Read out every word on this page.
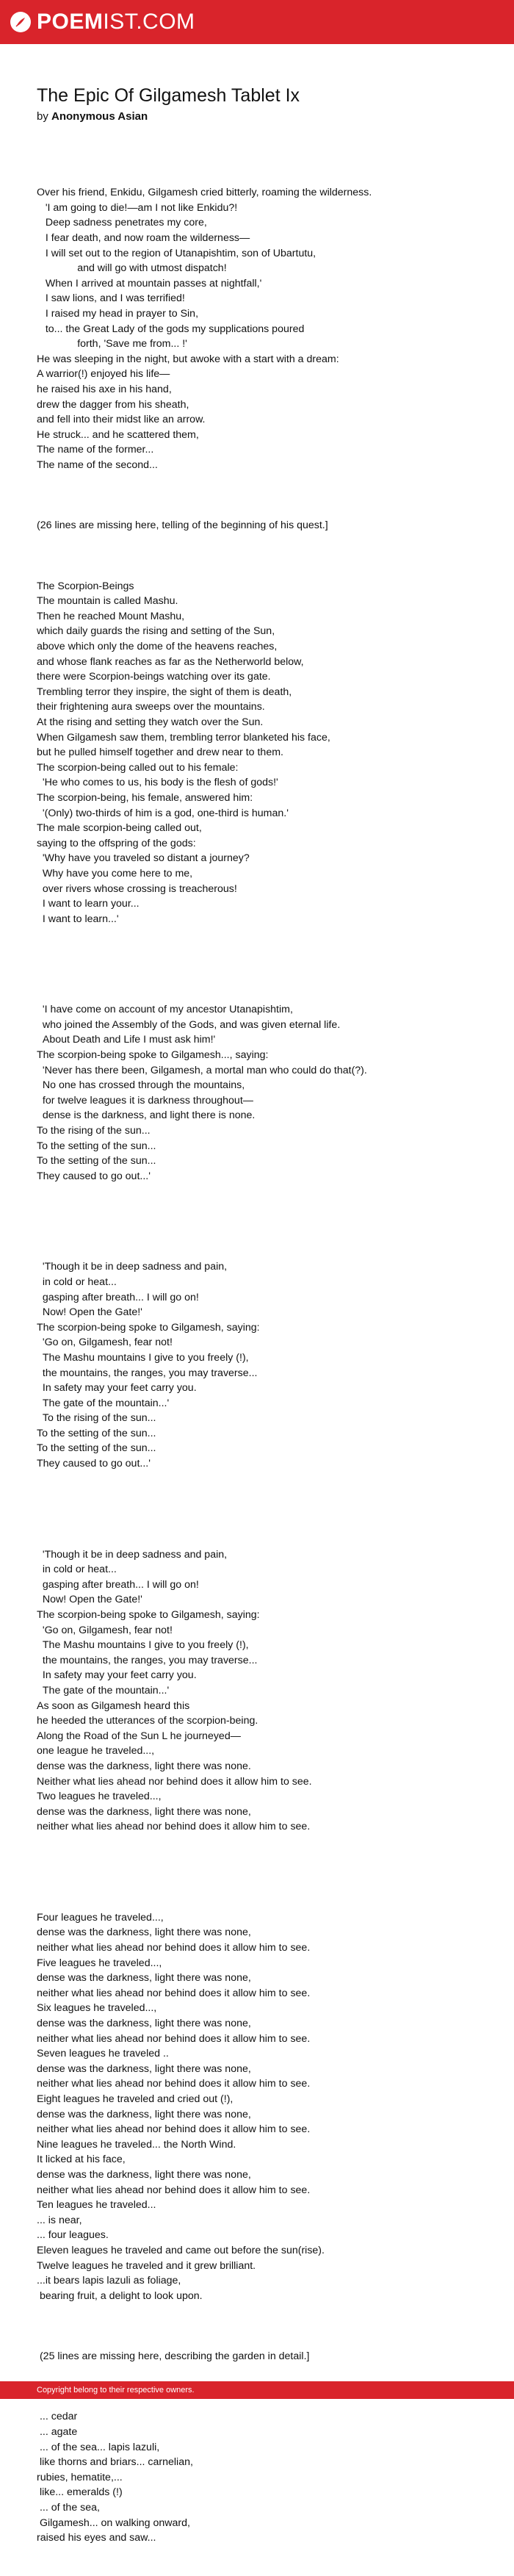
POEMIST.COM
The Epic Of Gilgamesh Tablet Ix
by Anonymous Asian

Over his friend, Enkidu, Gilgamesh cried bitterly, roaming the wilderness.
'I am going to die!—am I not like Enkidu?!
Deep sadness penetrates my core,
I fear death, and now roam the wilderness—
I will set out to the region of Utanapishtim, son of Ubartutu,
and will go with utmost dispatch!
When I arrived at mountain passes at nightfall,'
I saw lions, and I was terrified!
I raised my head in prayer to Sin,
to... the Great Lady of the gods my supplications poured
forth, 'Save me from... !'
He was sleeping in the night, but awoke with a start with a dream:
A warrior(!) enjoyed his life—
he raised his axe in his hand,
drew the dagger from his sheath,
and fell into their midst like an arrow.
He struck... and he scattered them,
The name of the former...
The name of the second...

(26 lines are missing here, telling of the beginning of his quest.]

The Scorpion-Beings
The mountain is called Mashu.
Then he reached Mount Mashu,
which daily guards the rising and setting of the Sun,
above which only the dome of the heavens reaches,
and whose flank reaches as far as the Netherworld below,
there were Scorpion-beings watching over its gate.
Trembling terror they inspire, the sight of them is death,
their frightening aura sweeps over the mountains.
At the rising and setting they watch over the Sun.
When Gilgamesh saw them, trembling terror blanketed his face,
but he pulled himself together and drew near to them.
The scorpion-being called out to his female:
'He who comes to us, his body is the flesh of gods!'
The scorpion-being, his female, answered him:
'(Only) two-thirds of him is a god, one-third is human.'
The male scorpion-being called out,
saying to the offspring of the gods:
'Why have you traveled so distant a journey?
Why have you come here to me,
over rivers whose crossing is treacherous!
I want to learn your...
I want to learn...'

'I have come on account of my ancestor Utanapishtim,
who joined the Assembly of the Gods, and was given eternal life.
About Death and Life I must ask him!'
The scorpion-being spoke to Gilgamesh..., saying:
'Never has there been, Gilgamesh, a mortal man who could do that(?).
No one has crossed through the mountains,
for twelve leagues it is darkness throughout—
dense is the darkness, and light there is none.
To the rising of the sun...
To the setting of the sun...
To the setting of the sun...
They caused to go out...'

'Though it be in deep sadness and pain,
in cold or heat...
gasping after breath... I will go on!
Now! Open the Gate!'
The scorpion-being spoke to Gilgamesh, saying:
'Go on, Gilgamesh, fear not!
The Mashu mountains I give to you freely (!),
the mountains, the ranges, you may traverse...
In safety may your feet carry you.
The gate of the mountain...'
To the rising of the sun...
To the setting of the sun...
To the setting of the sun...
They caused to go out...'

'Though it be in deep sadness and pain,
in cold or heat...
gasping after breath... I will go on!
Now! Open the Gate!'
The scorpion-being spoke to Gilgamesh, saying:
'Go on, Gilgamesh, fear not!
The Mashu mountains I give to you freely (!),
the mountains, the ranges, you may traverse...
In safety may your feet carry you.
The gate of the mountain...'
As soon as Gilgamesh heard this
he heeded the utterances of the scorpion-being.
Along the Road of the Sun L he journeyed—
one league he traveled...,
dense was the darkness, light there was none.
Neither what lies ahead nor behind does it allow him to see.
Two leagues he traveled...,
dense was the darkness, light there was none,
neither what lies ahead nor behind does it allow him to see.

Four leagues he traveled...,
dense was the darkness, light there was none,
neither what lies ahead nor behind does it allow him to see.
Five leagues he traveled...,
dense was the darkness, light there was none,
neither what lies ahead nor behind does it allow him to see.
Six leagues he traveled...,
dense was the darkness, light there was none,
neither what lies ahead nor behind does it allow him to see.
Seven leagues he traveled ..
dense was the darkness, light there was none,
neither what lies ahead nor behind does it allow him to see.
Eight leagues he traveled and cried out (!),
dense was the darkness, light there was none,
neither what lies ahead nor behind does it allow him to see.
Nine leagues he traveled... the North Wind.
It licked at his face,
dense was the darkness, light there was none,
neither what lies ahead nor behind does it allow him to see.
Ten leagues he traveled...
... is near,
... four leagues.
Eleven leagues he traveled and came out before the sun(rise).
Twelve leagues he traveled and it grew brilliant.
...it bears lapis lazuli as foliage,
bearing fruit, a delight to look upon.

(25 lines are missing here, describing the garden in detail.]

... cedar
... agate
... of the sea... lapis lazuli,
like thorns and briars... carnelian,
rubies, hematite,...
like... emeralds (!)
... of the sea,
Gilgamesh... on walking onward,
raised his eyes and saw...

Copyright belong to their respective owners.
